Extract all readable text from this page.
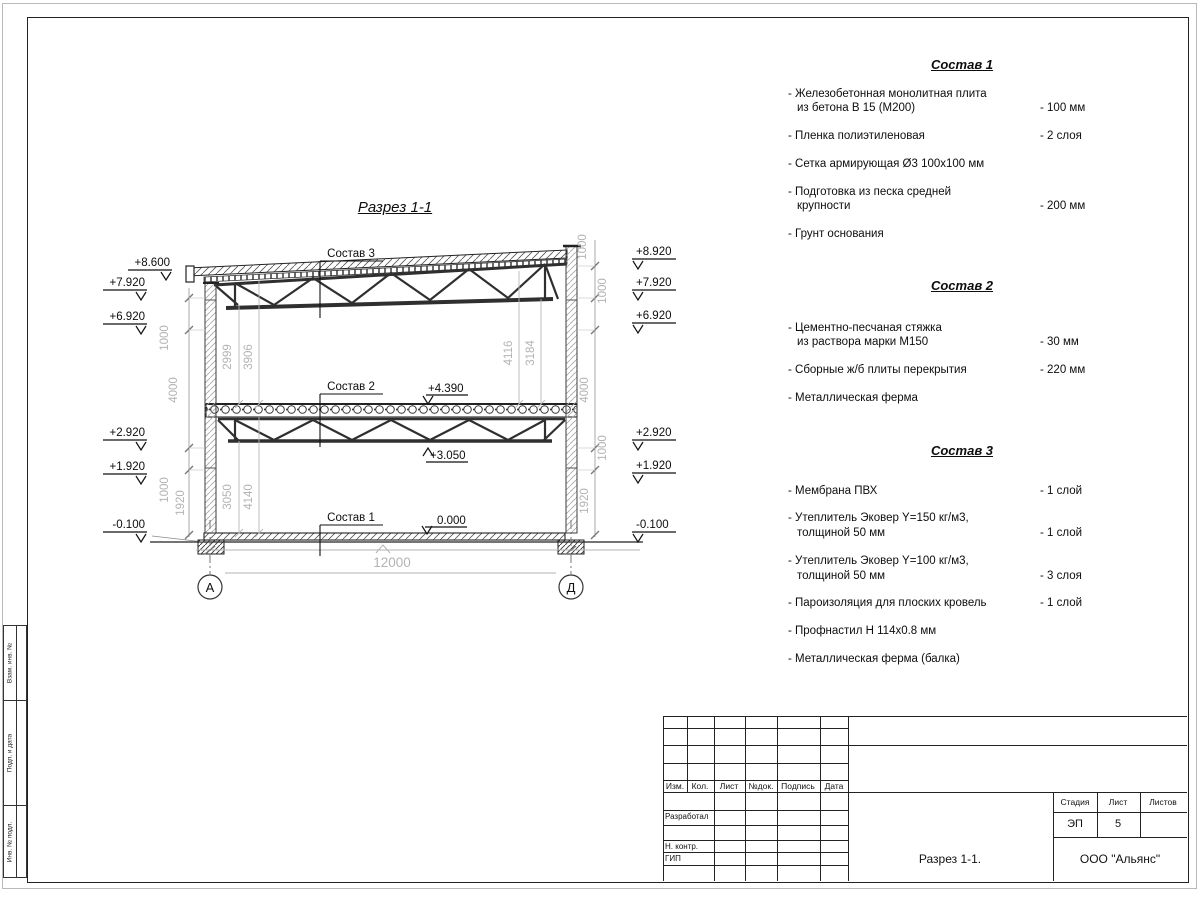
Взам. инв. №
Подп. и дата
Инв. № подл.
А	Д
12000
1000
4000
1000
1920
1000
1000
4000
1000
1920
2999 3906	4116 3184
3050 4140
+8.600
+7.920
+6.920
+2.920
+1.920
-0.100
+8.920
+7.920
+6.920
+2.920
+1.920
-0.100
+4.390
+3.050
0.000
Состав 3
Состав 2
Состав 1
Разрез 1-1
Состав 1
- Железобетонная монолитная плита
из бетона В 15 (М200)	- 100 мм
- Пленка полиэтиленовая	- 2 слоя
- Сетка армирующая Ø3 100х100 мм
- Подготовка из песка средней
крупности	- 200 мм
- Грунт основания
Состав 2
- Цементно-песчаная стяжка
из раствора марки М150	- 30 мм
- Сборные ж/б плиты перекрытия	- 220 мм
- Металлическая ферма
Состав 3
- Мембрана ПВХ	- 1 слой
- Утеплитель Эковер Y=150 кг/м3,
толщиной 50 мм	- 1 слой
- Утеплитель Эковер Y=100 кг/м3,
толщиной 50 мм	- 3 слоя
- Пароизоляция для плоских кровель	- 1 слой
- Профнастил Н 114х0.8 мм
- Металлическая ферма (балка)
Изм. Кол. Лист №док. Подпись Дата
Разработал
Н. контр.
ГИП
Стадия Лист	Листов
ЭП	5
Разрез 1-1.	ООО "Альянс"
